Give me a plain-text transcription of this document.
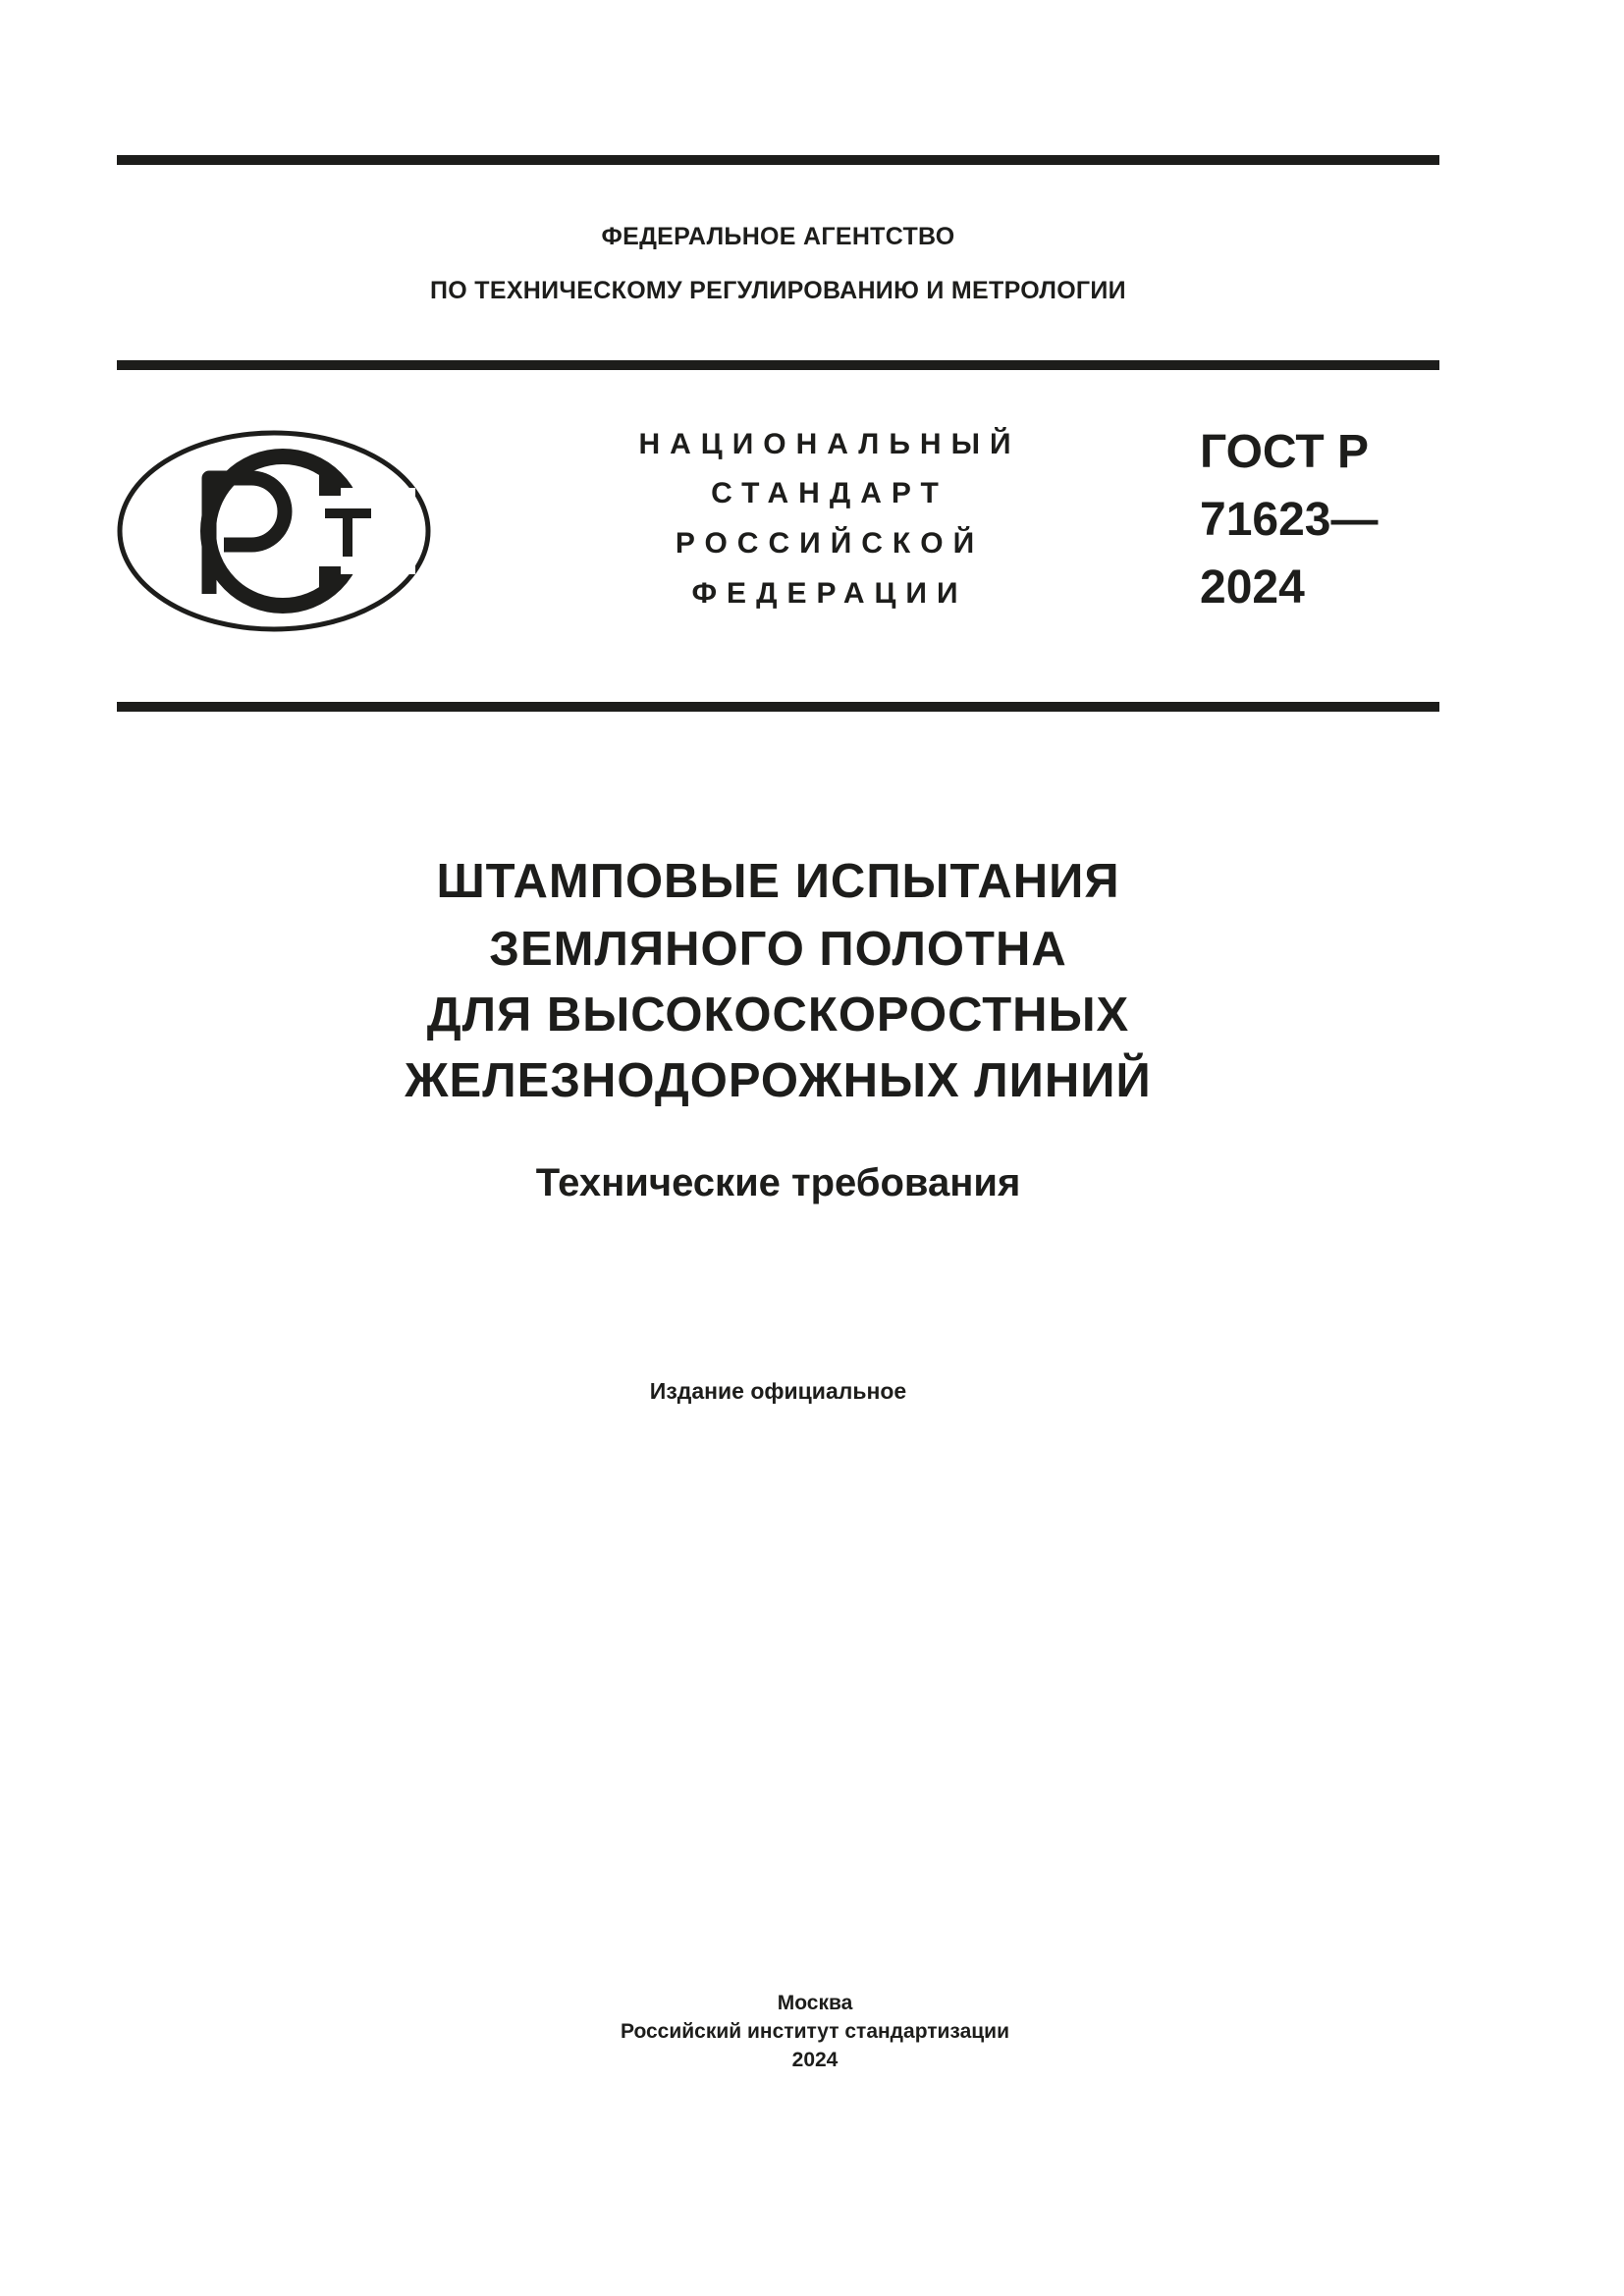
ФЕДЕРАЛЬНОЕ АГЕНТСТВО
ПО ТЕХНИЧЕСКОМУ РЕГУЛИРОВАНИЮ И МЕТРОЛОГИИ
НАЦИОНАЛЬНЫЙ
СТАНДАРТ
РОССИЙСКОЙ
ФЕДЕРАЦИИ
ГОСТ Р
71623—
2024
ШТАМПОВЫЕ ИСПЫТАНИЯ
ЗЕМЛЯНОГО ПОЛОТНА
ДЛЯ ВЫСОКОСКОРОСТНЫХ
ЖЕЛЕЗНОДОРОЖНЫХ ЛИНИЙ
Технические требования
Издание официальное
Москва
Российский институт стандартизации
2024
